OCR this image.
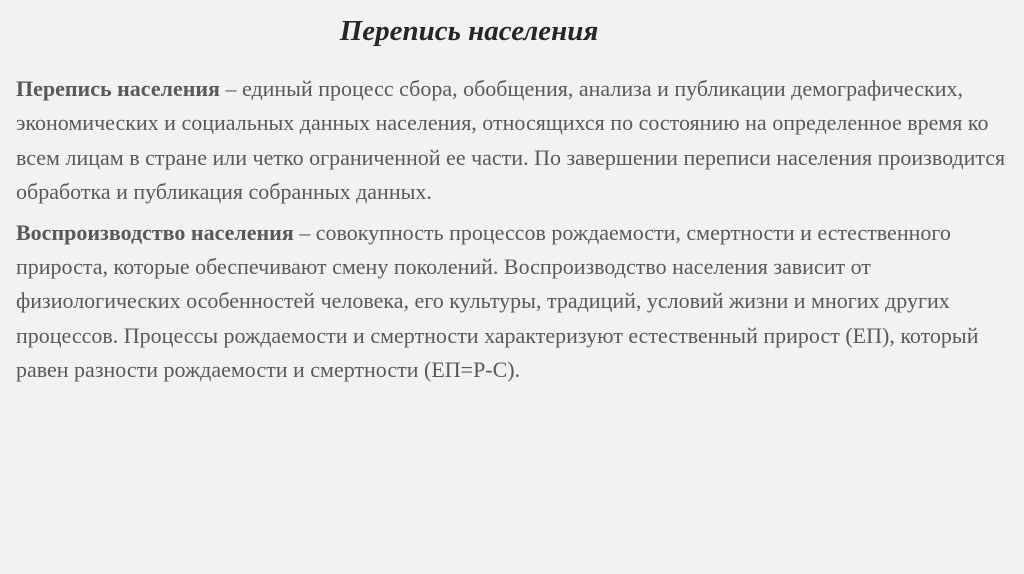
Перепись населения

Перепись населения – единый процесс сбора, обобщения, анализа и публикации демографических, экономических и социальных данных населения, относящихся по состоянию на определенное время ко всем лицам в стране или четко ограниченной ее части. По завершении переписи населения производится обработка и публикация собранных данных.

Воспроизводство населения – совокупность процессов рождаемости, смертности и естественного прироста, которые обеспечивают смену поколений. Воспроизводство населения зависит от физиологических особенностей человека, его культуры, традиций, условий жизни и многих других процессов. Процессы рождаемости и смертности характеризуют естественный прирост (ЕП), который равен разности рождаемости и смертности (ЕП=Р-С).
